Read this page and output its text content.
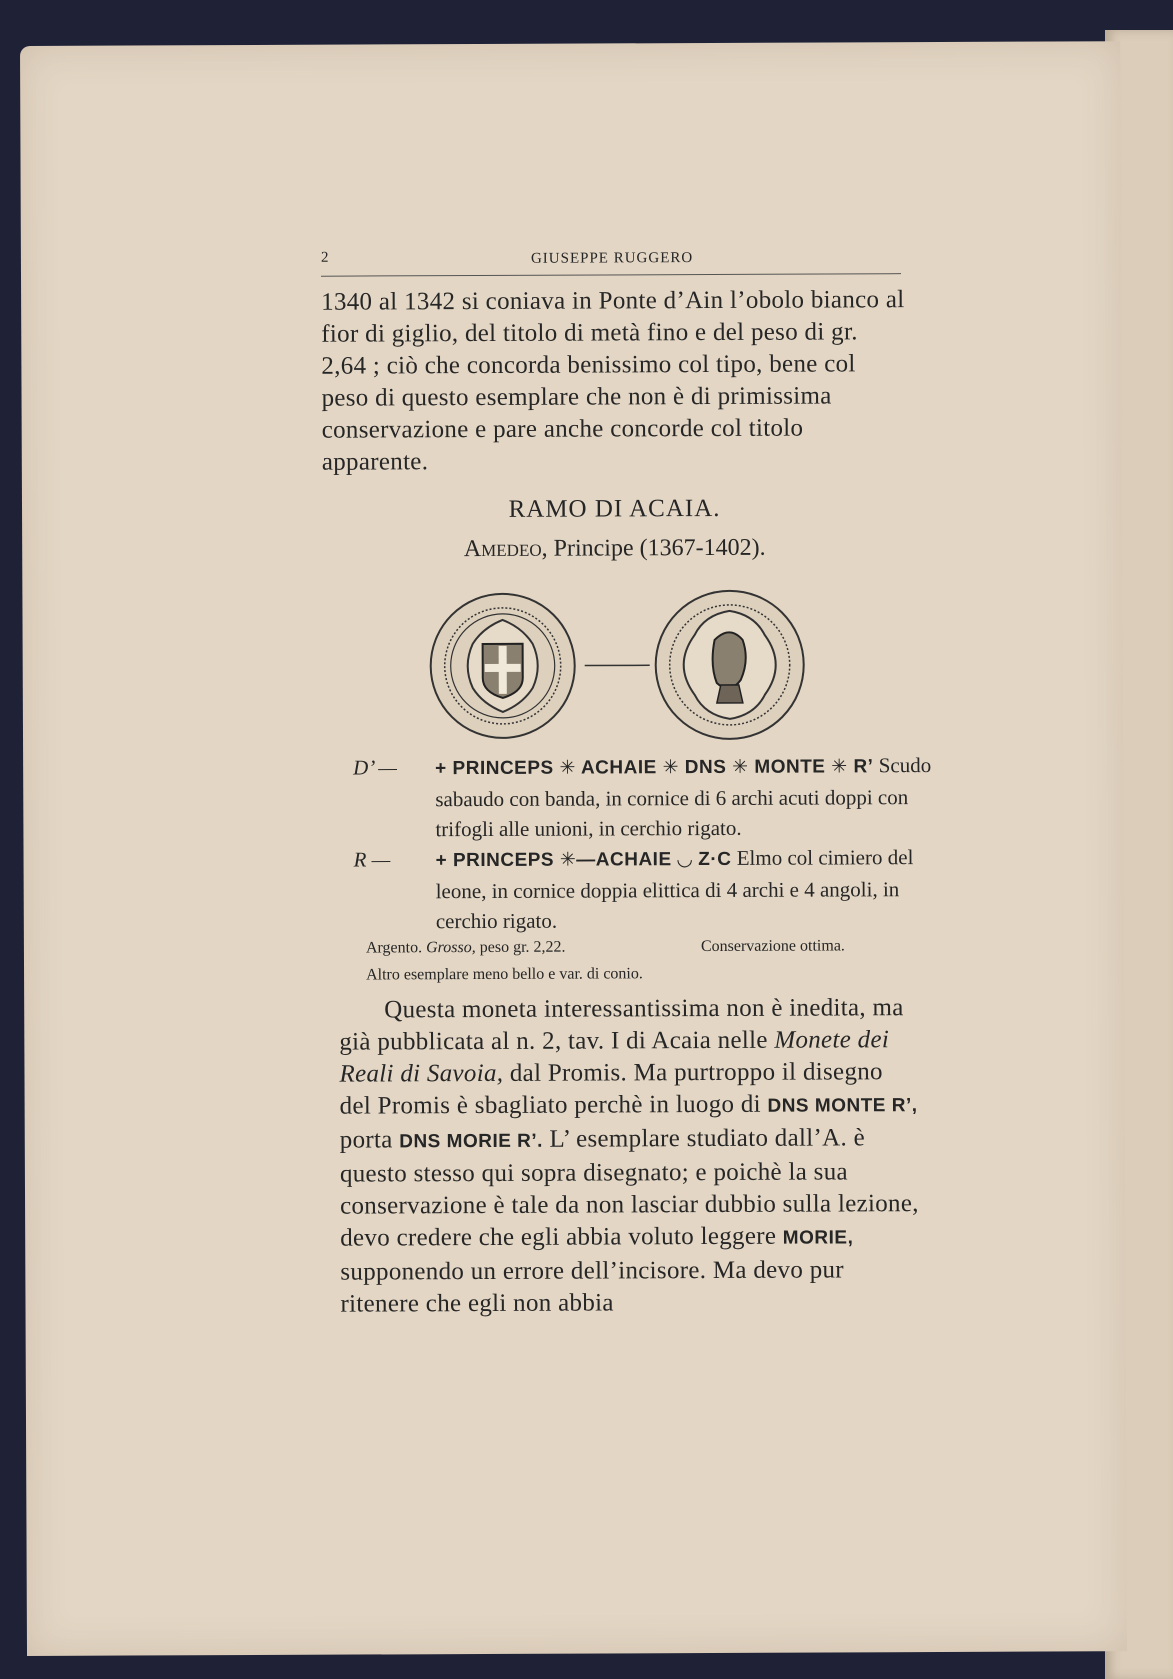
2	GIUSEPPE RUGGERO

1340 al 1342 si coniava in Ponte d’Ain l’obolo bianco al fior di giglio, del titolo di metà fino e del peso di gr. 2,64 ; ciò che concorda benissimo col tipo, bene col peso di questo esemplare che non è di primissima conservazione e pare anche concorde col titolo apparente.

RAMO DI ACAIA.
Amedeo, Principe (1367-1402).
D’ — + PRINCEPS ✳ ACHAIE ✳ DNS ✳ MONTE ✳ R’ Scudo sabaudo con banda, in cornice di 6 archi acuti doppi con trifogli alle unioni, in cerchio rigato.
R — + PRINCEPS ✳—ACHAIE ◡ Z·C Elmo col cimiero del leone, in cornice doppia elittica di 4 archi e 4 angoli, in cerchio rigato.
Argento. Grosso, peso gr. 2,22.	Conservazione ottima.
Altro esemplare meno bello e var. di conio.

Questa moneta interessantissima non è inedita, ma già pubblicata al n. 2, tav. I di Acaia nelle Monete dei Reali di Savoia, dal Promis. Ma purtroppo il disegno del Promis è sbagliato perchè in luogo di DNS MONTE R’, porta DNS MORIE R’. L’ esemplare studiato dall’A. è questo stesso qui sopra disegnato; e poichè la sua conservazione è tale da non lasciar dubbio sulla lezione, devo credere che egli abbia voluto leggere MORIE, supponendo un errore dell’incisore. Ma devo pur ritenere che egli non abbia
